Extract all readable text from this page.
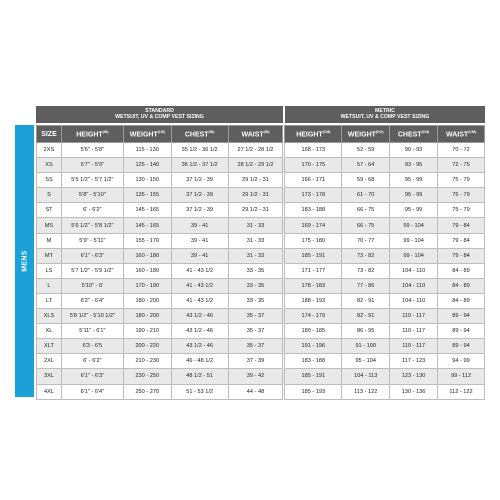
STANDARD
WETSUIT, UV & COMP VEST SIZING
METRIC
WETSUIT, UV & COMP VEST SIZING
MENS
SIZE	$HEIGHT^{(IN)}$	$WEIGHT^{(LB)}$	$CHEST^{(IN)}$	$WAIST^{(IN)}$		$HEIGHT^{(CM)}$	$WEIGHT^{(KG)}$	$CHEST^{(CM)}$	$WAIST^{(CM)}$
2XS	5'6" - 5'8"	115 - 130	35 1/2 - 36 1/2	27 1/2 - 28 1/2		168 - 173	52 - 59	90 - 93	70 - 72
XS	5'7" - 5'9"	125 - 140	36 1/2 - 37 1/2	28 1/2 - 29 1/2		170 - 175	57 - 64	93 - 95	72 - 75
SS	5'5 1/2" - 5'7 1/2"	130 - 150	37 1/2 - 39	29 1/2 - 31		166 - 171	59 - 68	95 - 99	75 - 79
S	5'8" - 5'10"	135 - 155	37 1/2 - 39	29 1/2 - 31		173 - 178	61 - 70	95 - 99	75 - 79
ST	6' - 6'2"	145 - 165	37 1/2 - 39	29 1/2 - 31		183 - 188	66 - 75	95 - 99	75 - 79
MS	5'6 1/2" - 5'8 1/2"	145 - 165	39 - 41	31 - 33		169 - 174	66 - 75	99 - 104	79 - 84
M	5'9" - 5'11"	155 - 170	39 - 41	31 - 33		175 - 180	70 - 77	99 - 104	79 - 84
MT	6'1" - 6'3"	160 - 180	39 - 41	31 - 33		185 - 191	73 - 82	99 - 104	79 - 84
LS	5'7 1/2" - 5'9 1/2"	160 - 180	41 - 43 1/2	33 - 35		171 - 177	73 - 82	104 - 110	84 - 89
L	5'10" - 6'	170 - 190	41 - 43 1/2	33 - 35		178 - 183	77 - 86	104 - 110	84 - 89
LT	6'2" - 6'4"	180 - 200	41 - 43 1/2	33 - 35		188 - 193	82 - 91	104 - 110	84 - 89
XLS	5'8 1/2" - 5'10 1/2"	180 - 200	43 1/2 - 46	35 - 37		174 - 179	82 - 91	110 - 117	89 - 94
XL	5'11" - 6'1"	190 - 210	43 1/2 - 46	35 - 37		180 - 185	86 - 95	110 - 117	89 - 94
XLT	6'3 - 6'5	200 - 220	43 1/2 - 46	35 - 37		191 - 196	91 - 100	110 - 117	89 - 94
2XL	6' - 6'2"	210 - 230	46 - 48 1/2	37 - 39		183 - 188	95 - 104	117 - 123	94 - 99
3XL	6'1" - 6'3"	230 - 250	48 1/2 - 51	39 - 42		185 - 191	104 - 113	123 - 130	99 - 112
4XL	6'1" - 6'4"	250 - 270	51 - 53 1/2	44 - 48		185 - 193	113 - 122	130 - 136	112 - 122
